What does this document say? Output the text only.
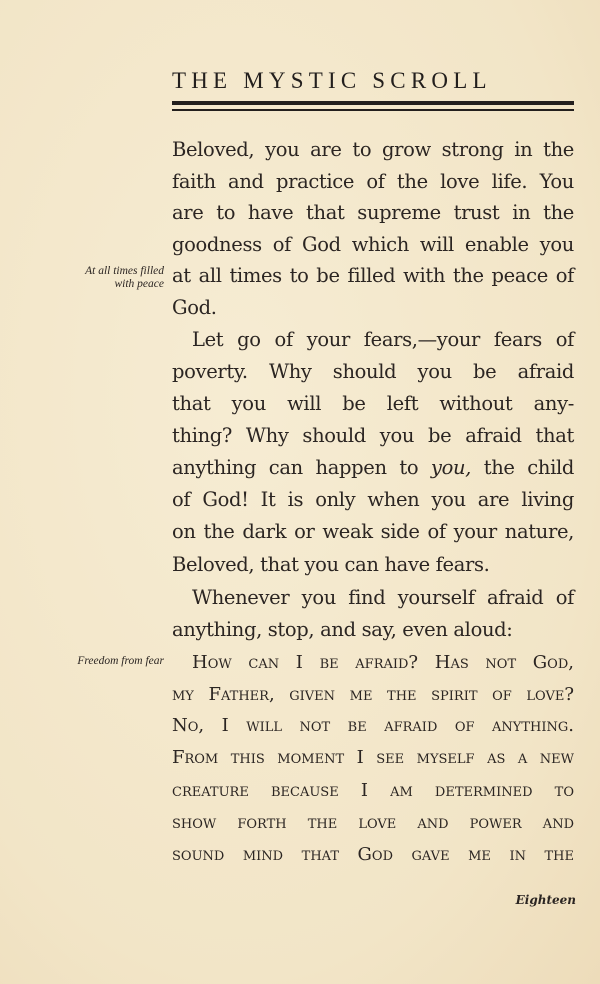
THE MYSTIC SCROLL
Beloved, you are to grow strong in the
faith and practice of the love life. You
are to have that supreme trust in the
goodness of God which will enable you
at all times to be filled with the peace of
God.
Let go of your fears,—your fears of
poverty. Why should you be afraid
that you will be left without any-
thing? Why should you be afraid that
anything can happen to you, the child
of God! It is only when you are living
on the dark or weak side of your nature,
Beloved, that you can have fears.
Whenever you find yourself afraid of
anything, stop, and say, even aloud:
How can I be afraid? Has not God,
my Father, given me the spirit of love?
No, I will not be afraid of anything.
From this moment I see myself as a new
creature because I am determined to
show forth the love and power and
sound mind that God gave me in the
At all times filled
with peace
Freedom from fear
Eighteen
